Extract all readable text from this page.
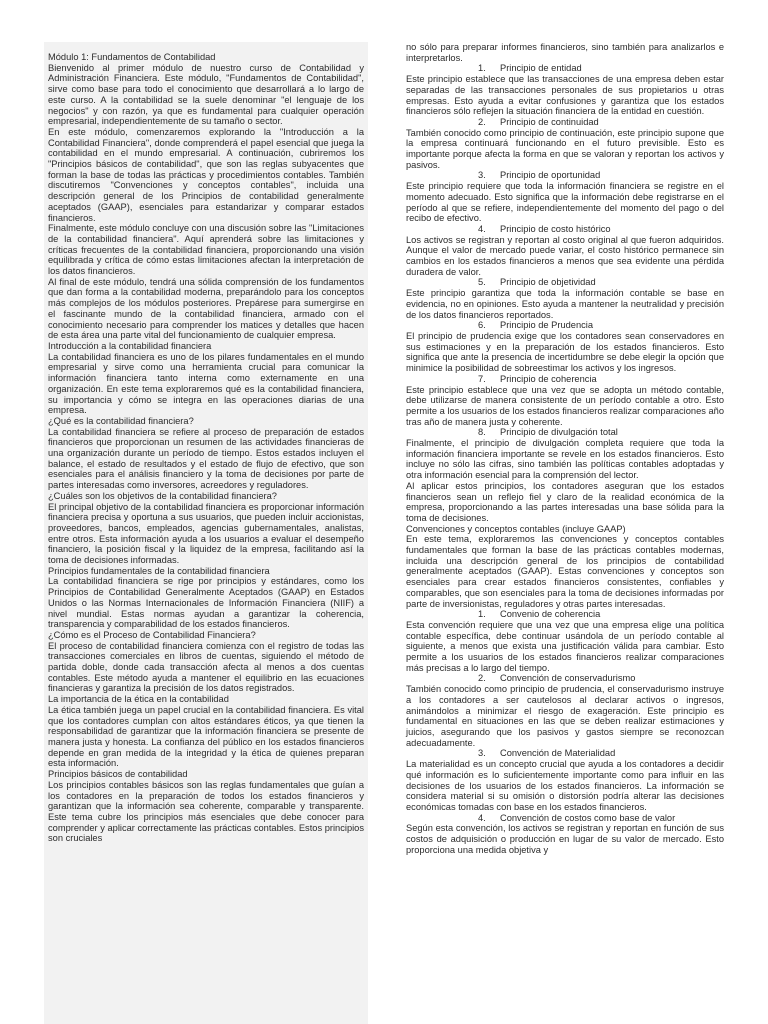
Módulo 1: Fundamentos de Contabilidad

Bienvenido al primer módulo de nuestro curso de Contabilidad y Administración Financiera. Este módulo, "Fundamentos de Contabilidad", sirve como base para todo el conocimiento que desarrollará a lo largo de este curso. A la contabilidad se la suele denominar "el lenguaje de los negocios" y con razón, ya que es fundamental para cualquier operación empresarial, independientemente de su tamaño o sector.

En este módulo, comenzaremos explorando la "Introducción a la Contabilidad Financiera", donde comprenderá el papel esencial que juega la contabilidad en el mundo empresarial. A continuación, cubriremos los "Principios básicos de contabilidad", que son las reglas subyacentes que forman la base de todas las prácticas y procedimientos contables. También discutiremos "Convenciones y conceptos contables", incluida una descripción general de los Principios de contabilidad generalmente aceptados (GAAP), esenciales para estandarizar y comparar estados financieros.

Finalmente, este módulo concluye con una discusión sobre las "Limitaciones de la contabilidad financiera". Aquí aprenderá sobre las limitaciones y críticas frecuentes de la contabilidad financiera, proporcionando una visión equilibrada y crítica de cómo estas limitaciones afectan la interpretación de los datos financieros.

Al final de este módulo, tendrá una sólida comprensión de los fundamentos que dan forma a la contabilidad moderna, preparándolo para los conceptos más complejos de los módulos posteriores. Prepárese para sumergirse en el fascinante mundo de la contabilidad financiera, armado con el conocimiento necesario para comprender los matices y detalles que hacen de esta área una parte vital del funcionamiento de cualquier empresa.

Introducción a la contabilidad financiera

La contabilidad financiera es uno de los pilares fundamentales en el mundo empresarial y sirve como una herramienta crucial para comunicar la información financiera tanto interna como externamente en una organización. En este tema exploraremos qué es la contabilidad financiera, su importancia y cómo se integra en las operaciones diarias de una empresa.

¿Qué es la contabilidad financiera?

La contabilidad financiera se refiere al proceso de preparación de estados financieros que proporcionan un resumen de las actividades financieras de una organización durante un período de tiempo. Estos estados incluyen el balance, el estado de resultados y el estado de flujo de efectivo, que son esenciales para el análisis financiero y la toma de decisiones por parte de partes interesadas como inversores, acreedores y reguladores.

¿Cuáles son los objetivos de la contabilidad financiera?

El principal objetivo de la contabilidad financiera es proporcionar información financiera precisa y oportuna a sus usuarios, que pueden incluir accionistas, proveedores, bancos, empleados, agencias gubernamentales, analistas, entre otros. Esta información ayuda a los usuarios a evaluar el desempeño financiero, la posición fiscal y la liquidez de la empresa, facilitando así la toma de decisiones informadas.

Principios fundamentales de la contabilidad financiera

La contabilidad financiera se rige por principios y estándares, como los Principios de Contabilidad Generalmente Aceptados (GAAP) en Estados Unidos o las Normas Internacionales de Información Financiera (NIIF) a nivel mundial. Estas normas ayudan a garantizar la coherencia, transparencia y comparabilidad de los estados financieros.

¿Cómo es el Proceso de Contabilidad Financiera?

El proceso de contabilidad financiera comienza con el registro de todas las transacciones comerciales en libros de cuentas, siguiendo el método de partida doble, donde cada transacción afecta al menos a dos cuentas contables. Este método ayuda a mantener el equilibrio en las ecuaciones financieras y garantiza la precisión de los datos registrados.

La importancia de la ética en la contabilidad

La ética también juega un papel crucial en la contabilidad financiera. Es vital que los contadores cumplan con altos estándares éticos, ya que tienen la responsabilidad de garantizar que la información financiera se presente de manera justa y honesta. La confianza del público en los estados financieros depende en gran medida de la integridad y la ética de quienes preparan esta información.

Principios básicos de contabilidad

Los principios contables básicos son las reglas fundamentales que guían a los contadores en la preparación de todos los estados financieros y garantizan que la información sea coherente, comparable y transparente. Este tema cubre los principios más esenciales que debe conocer para comprender y aplicar correctamente las prácticas contables. Estos principios son cruciales

no sólo para preparar informes financieros, sino también para analizarlos e interpretarlos.

1. Principio de entidad

Este principio establece que las transacciones de una empresa deben estar separadas de las transacciones personales de sus propietarios u otras empresas. Esto ayuda a evitar confusiones y garantiza que los estados financieros sólo reflejen la situación financiera de la entidad en cuestión.

2. Principio de continuidad

También conocido como principio de continuación, este principio supone que la empresa continuará funcionando en el futuro previsible. Esto es importante porque afecta la forma en que se valoran y reportan los activos y pasivos.

3. Principio de oportunidad

Este principio requiere que toda la información financiera se registre en el momento adecuado. Esto significa que la información debe registrarse en el período al que se refiere, independientemente del momento del pago o del recibo de efectivo.

4. Principio de costo histórico

Los activos se registran y reportan al costo original al que fueron adquiridos. Aunque el valor de mercado puede variar, el costo histórico permanece sin cambios en los estados financieros a menos que sea evidente una pérdida duradera de valor.

5. Principio de objetividad

Este principio garantiza que toda la información contable se base en evidencia, no en opiniones. Esto ayuda a mantener la neutralidad y precisión de los datos financieros reportados.

6. Principio de Prudencia

El principio de prudencia exige que los contadores sean conservadores en sus estimaciones y en la preparación de los estados financieros. Esto significa que ante la presencia de incertidumbre se debe elegir la opción que minimice la posibilidad de sobreestimar los activos y los ingresos.

7. Principio de coherencia

Este principio establece que una vez que se adopta un método contable, debe utilizarse de manera consistente de un período contable a otro. Esto permite a los usuarios de los estados financieros realizar comparaciones año tras año de manera justa y coherente.

8. Principio de divulgación total

Finalmente, el principio de divulgación completa requiere que toda la información financiera importante se revele en los estados financieros. Esto incluye no sólo las cifras, sino también las políticas contables adoptadas y otra información esencial para la comprensión del lector.

Al aplicar estos principios, los contadores aseguran que los estados financieros sean un reflejo fiel y claro de la realidad económica de la empresa, proporcionando a las partes interesadas una base sólida para la toma de decisiones.

Convenciones y conceptos contables (incluye GAAP)

En este tema, exploraremos las convenciones y conceptos contables fundamentales que forman la base de las prácticas contables modernas, incluida una descripción general de los principios de contabilidad generalmente aceptados (GAAP). Estas convenciones y conceptos son esenciales para crear estados financieros consistentes, confiables y comparables, que son esenciales para la toma de decisiones informadas por parte de inversionistas, reguladores y otras partes interesadas.

1. Convenio de coherencia

Esta convención requiere que una vez que una empresa elige una política contable específica, debe continuar usándola de un período contable al siguiente, a menos que exista una justificación válida para cambiar. Esto permite a los usuarios de los estados financieros realizar comparaciones más precisas a lo largo del tiempo.

2. Convención de conservadurismo

También conocido como principio de prudencia, el conservadurismo instruye a los contadores a ser cautelosos al declarar activos o ingresos, animándolos a minimizar el riesgo de exageración. Este principio es fundamental en situaciones en las que se deben realizar estimaciones y juicios, asegurando que los pasivos y gastos siempre se reconozcan adecuadamente.

3. Convención de Materialidad

La materialidad es un concepto crucial que ayuda a los contadores a decidir qué información es lo suficientemente importante como para influir en las decisiones de los usuarios de los estados financieros. La información se considera material si su omisión o distorsión podría alterar las decisiones económicas tomadas con base en los estados financieros.

4. Convención de costos como base de valor

Según esta convención, los activos se registran y reportan en función de sus costos de adquisición o producción en lugar de su valor de mercado. Esto proporciona una medida objetiva y
